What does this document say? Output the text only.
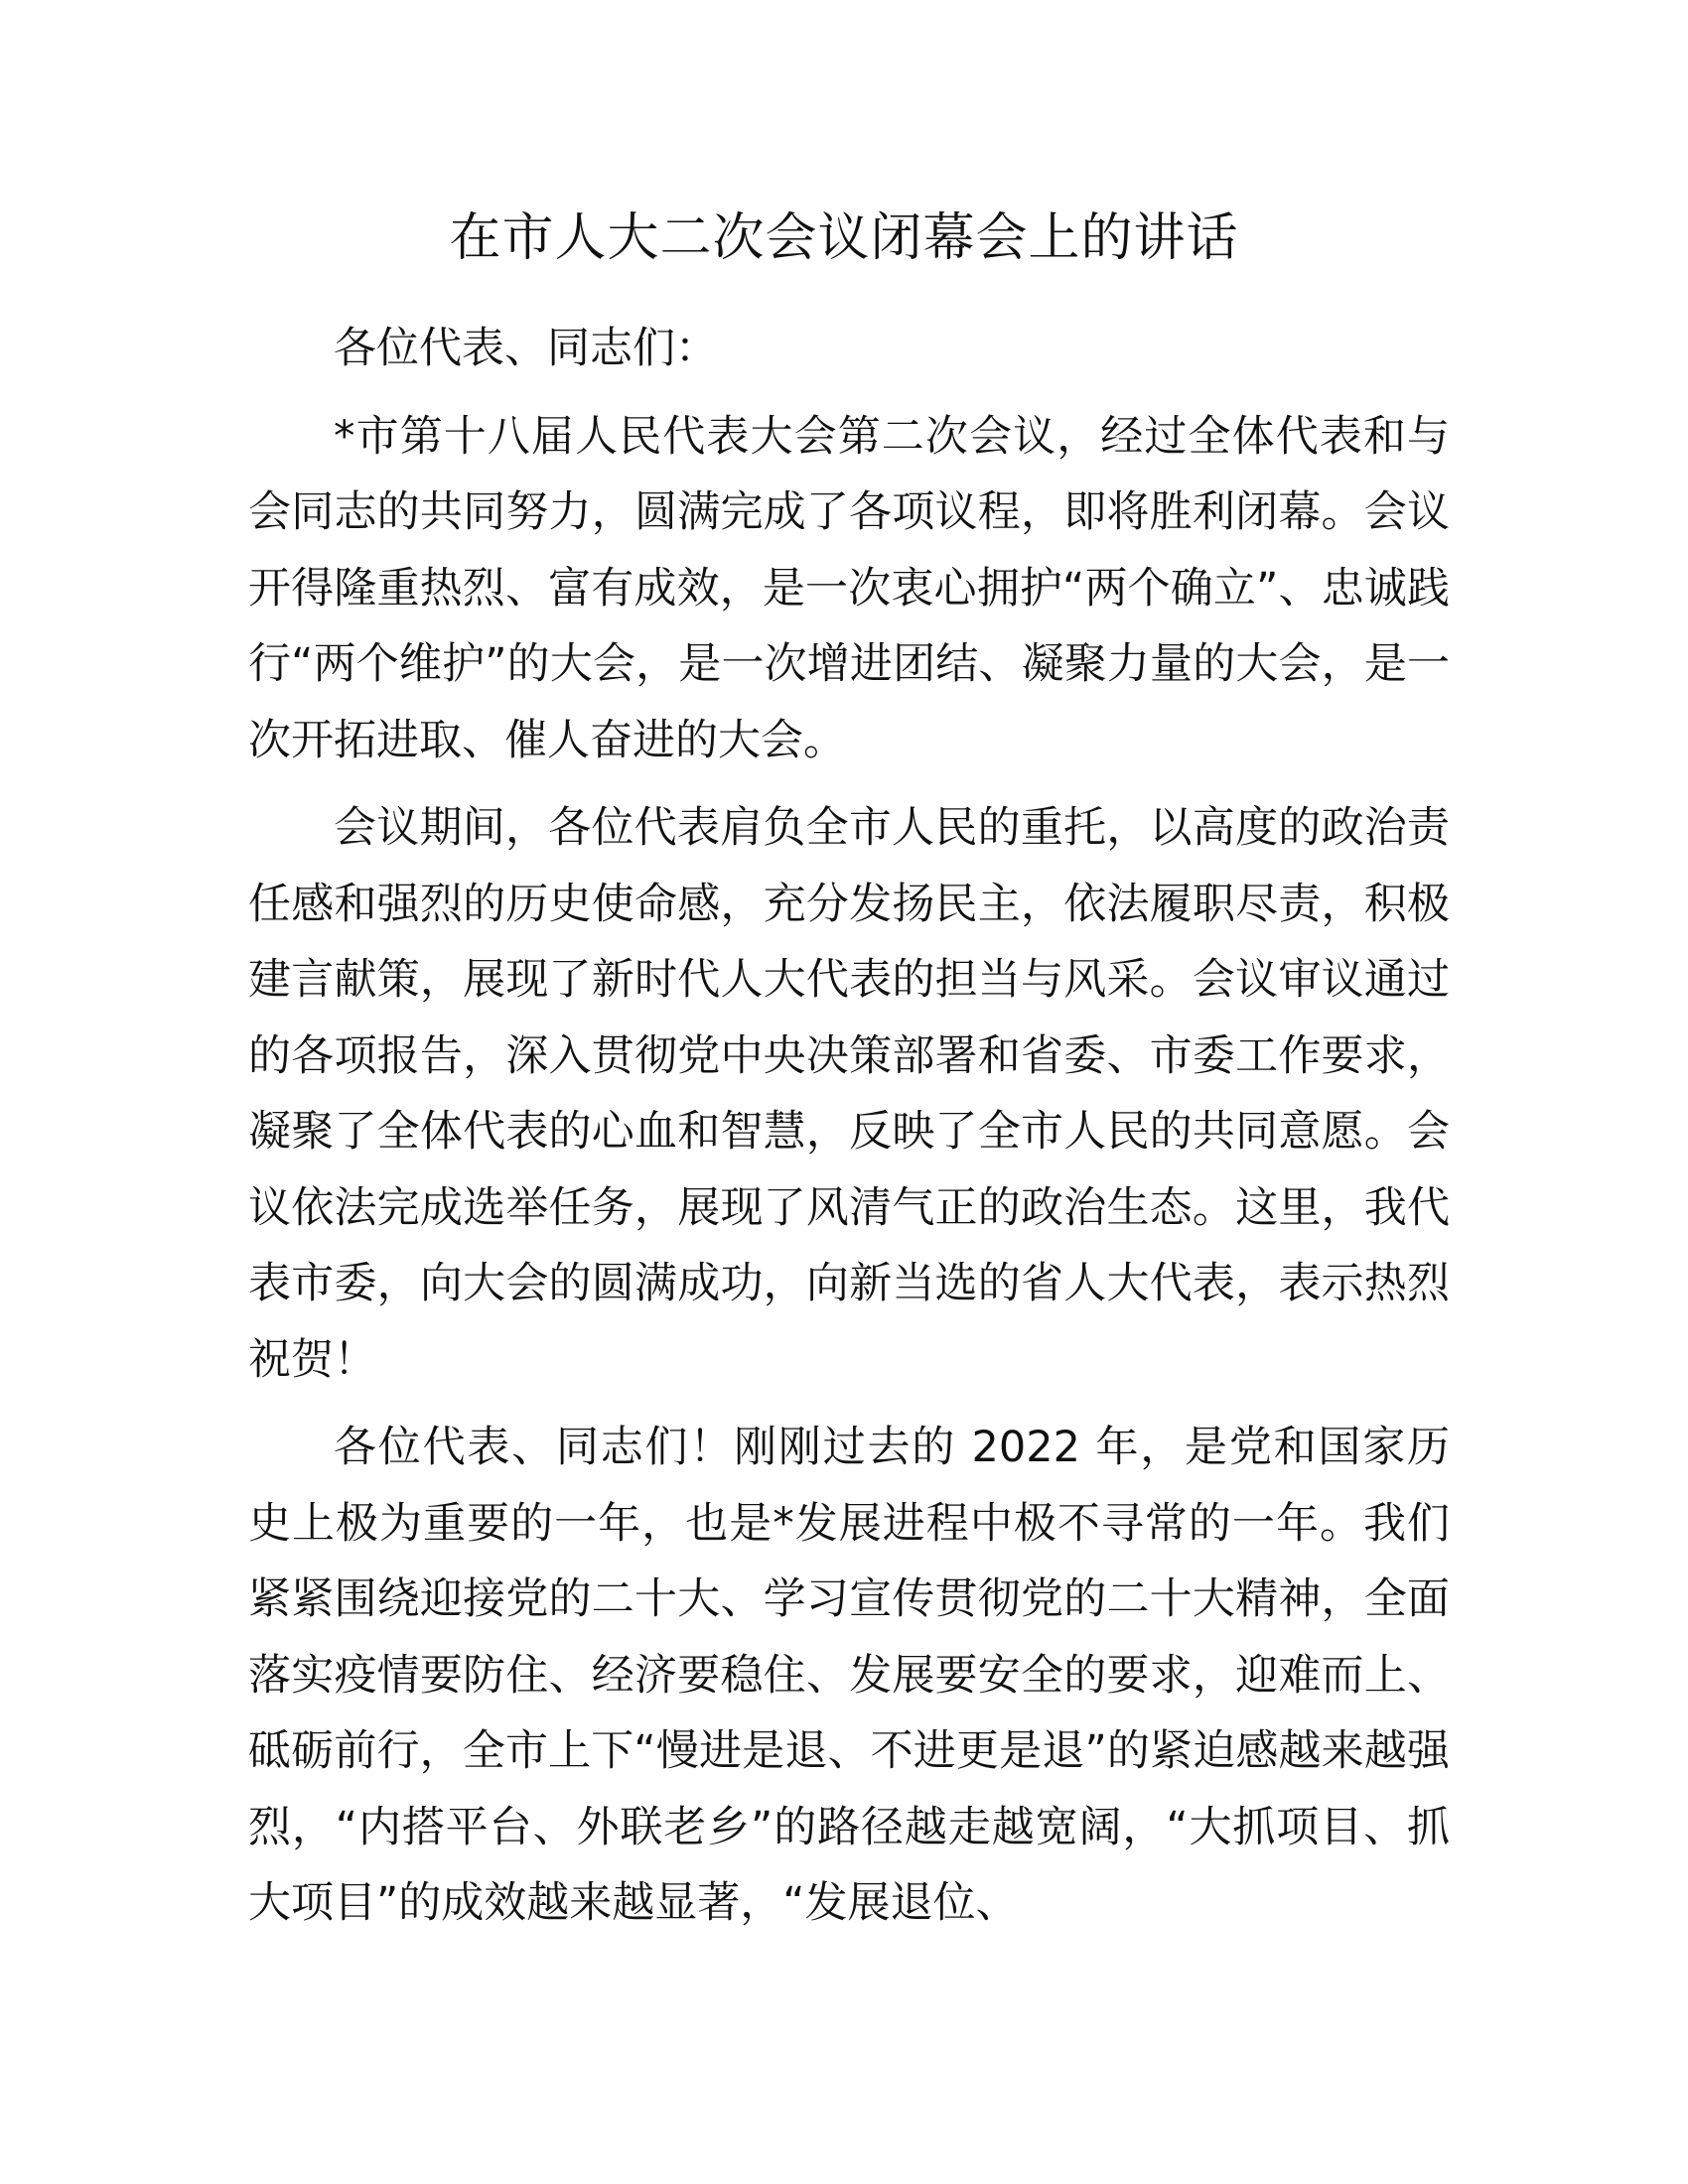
在市人大二次会议闭幕会上的讲话

各位代表、同志们：

*市第十八届人民代表大会第二次会议，经过全体代表和与会同志的共同努力，圆满完成了各项议程，即将胜利闭幕。会议开得隆重热烈、富有成效，是一次衷心拥护“两个确立”、忠诚践行“两个维护”的大会，是一次增进团结、凝聚力量的大会，是一次开拓进取、催人奋进的大会。

会议期间，各位代表肩负全市人民的重托，以高度的政治责任感和强烈的历史使命感，充分发扬民主，依法履职尽责，积极建言献策，展现了新时代人大代表的担当与风采。会议审议通过的各项报告，深入贯彻党中央决策部署和省委、市委工作要求，凝聚了全体代表的心血和智慧，反映了全市人民的共同意愿。会议依法完成选举任务，展现了风清气正的政治生态。这里，我代表市委，向大会的圆满成功，向新当选的省人大代表，表示热烈祝贺！

各位代表、同志们！刚刚过去的 2022 年，是党和国家历史上极为重要的一年，也是*发展进程中极不寻常的一年。我们紧紧围绕迎接党的二十大、学习宣传贯彻党的二十大精神，全面落实疫情要防住、经济要稳住、发展要安全的要求，迎难而上、砥砺前行，全市上下“慢进是退、不进更是退”的紧迫感越来越强烈，“内搭平台、外联老乡”的路径越走越宽阔，“大抓项目、抓大项目”的成效越来越显著，“发展退位、
